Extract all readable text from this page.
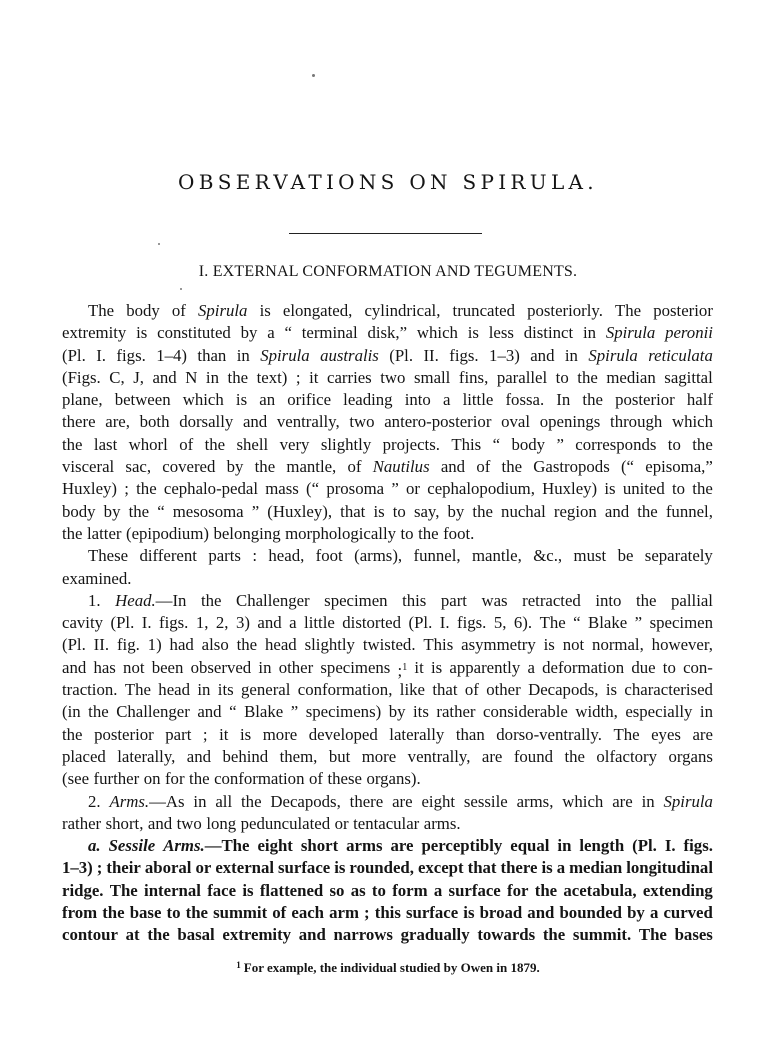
OBSERVATIONS ON SPIRULA.
I. EXTERNAL CONFORMATION AND TEGUMENTS.
The body of Spirula is elongated, cylindrical, truncated posteriorly. The posterior
extremity is constituted by a “ terminal disk,” which is less distinct in Spirula peronii
(Pl. I. figs. 1–4) than in Spirula australis (Pl. II. figs. 1–3) and in Spirula reticulata
(Figs. C, J, and N in the text) ; it carries two small fins, parallel to the median sagittal
plane, between which is an orifice leading into a little fossa. In the posterior half
there are, both dorsally and ventrally, two antero-posterior oval openings through which
the last whorl of the shell very slightly projects. This “ body ” corresponds to the
visceral sac, covered by the mantle, of Nautilus and of the Gastropods (“ episoma,”
Huxley) ; the cephalo-pedal mass (“ prosoma ” or cephalopodium, Huxley) is united to the
body by the “ mesosoma ” (Huxley), that is to say, by the nuchal region and the funnel,
the latter (epipodium) belonging morphologically to the foot.
These different parts : head, foot (arms), funnel, mantle, &c., must be separately
examined.
1. Head.—In the Challenger specimen this part was retracted into the pallial
cavity (Pl. I. figs. 1, 2, 3) and a little distorted (Pl. I. figs. 5, 6). The “ Blake ” specimen
(Pl. II. fig. 1) had also the head slightly twisted. This asymmetry is not normal, however,
and has not been observed in other specimens ;$^1$ it is apparently a deformation due to con-
traction. The head in its general conformation, like that of other Decapods, is characterised
(in the Challenger and “ Blake ” specimens) by its rather considerable width, especially in
the posterior part ; it is more developed laterally than dorso-ventrally. The eyes are
placed laterally, and behind them, but more ventrally, are found the olfactory organs
(see further on for the conformation of these organs).
2. Arms.—As in all the Decapods, there are eight sessile arms, which are in Spirula
rather short, and two long pedunculated or tentacular arms.
a. Sessile Arms.—The eight short arms are perceptibly equal in length (Pl. I. figs.
1–3) ; their aboral or external surface is rounded, except that there is a median longitudinal
ridge. The internal face is flattened so as to form a surface for the acetabula, extending
from the base to the summit of each arm ; this surface is broad and bounded by a curved
contour at the basal extremity and narrows gradually towards the summit. The bases
$^1$ For example, the individual studied by Owen in 1879.
